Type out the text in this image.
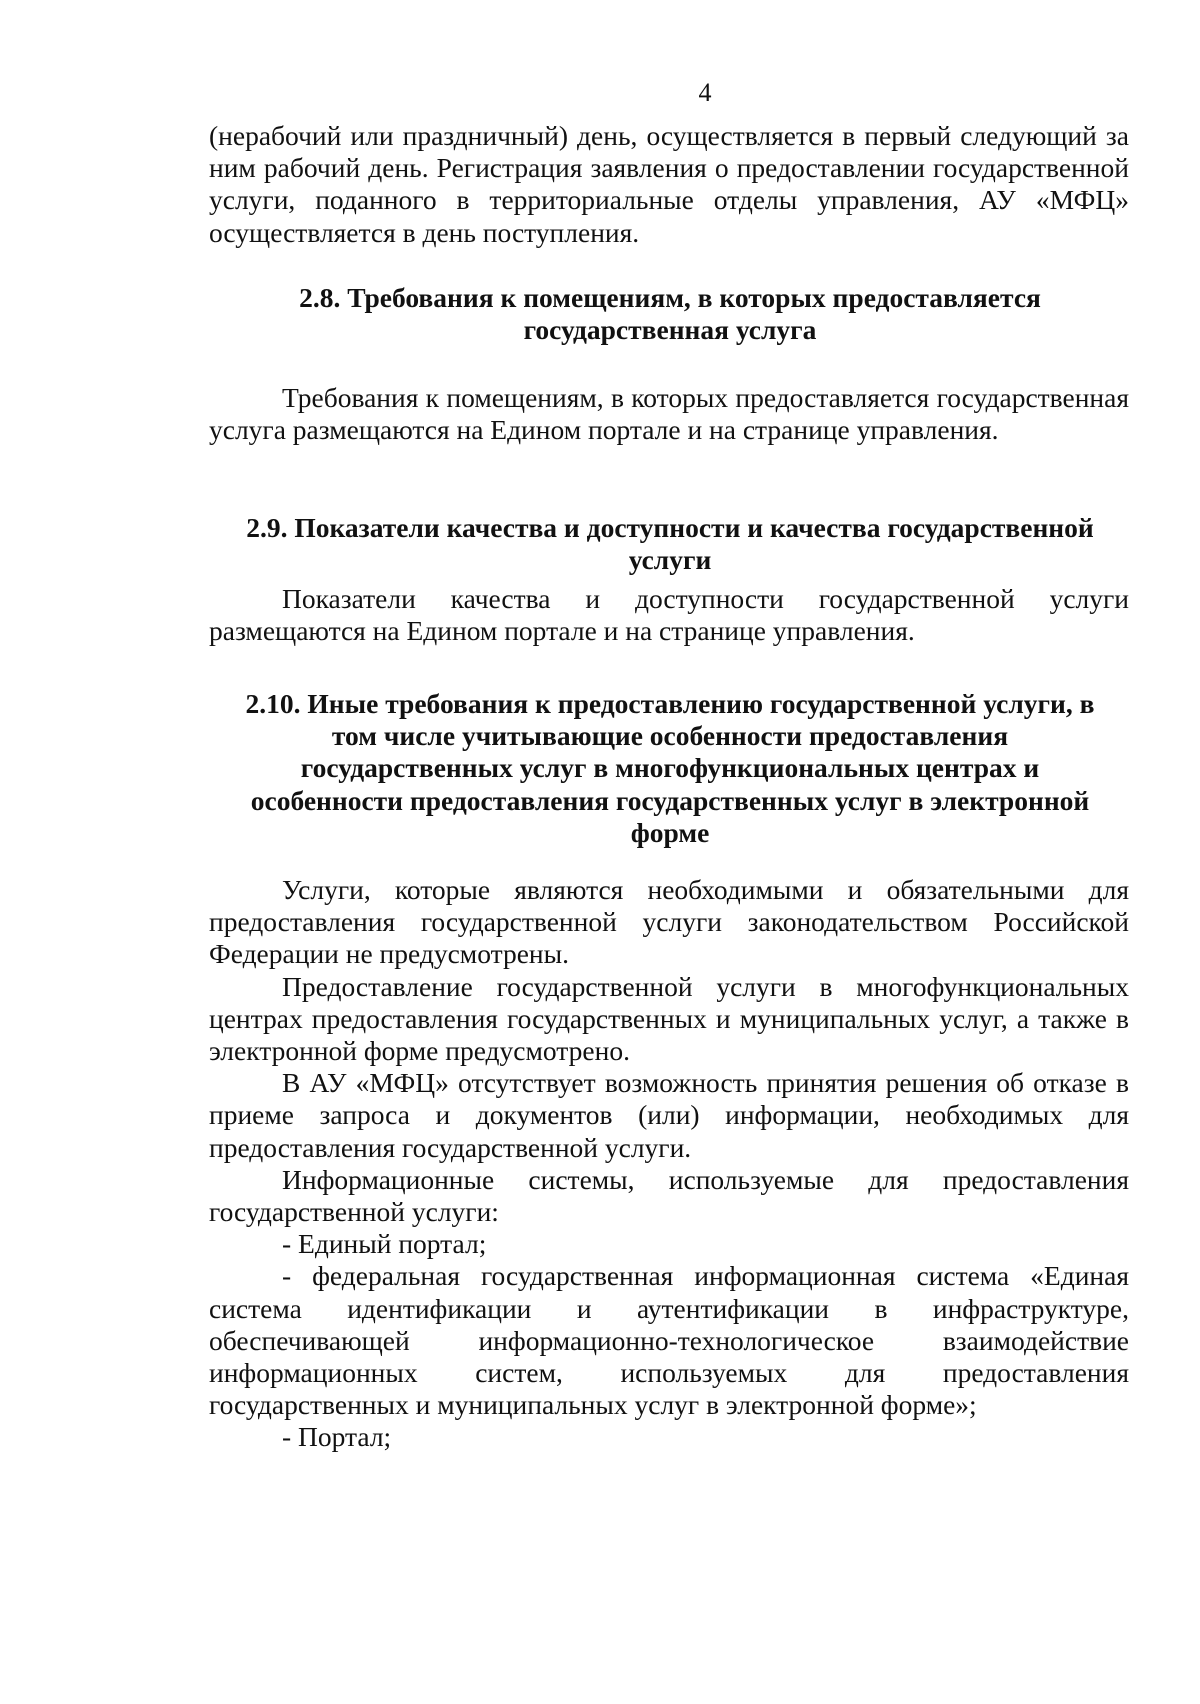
4

(нерабочий или праздничный) день, осуществляется в первый следующий за ним рабочий день. Регистрация заявления о предоставлении государственной услуги, поданного в территориальные отделы управления, АУ «МФЦ» осуществляется в день поступления.

2.8. Требования к помещениям, в которых предоставляется
государственная услуга

Требования к помещениям, в которых предоставляется государственная услуга размещаются на Едином портале и на странице управления.

2.9. Показатели качества и доступности и качества государственной
услуги

Показатели качества и доступности государственной услуги размещаются на Едином портале и на странице управления.

2.10. Иные требования к предоставлению государственной услуги, в
том числе учитывающие особенности предоставления
государственных услуг в многофункциональных центрах и
особенности предоставления государственных услуг в электронной
форме

Услуги, которые являются необходимыми и обязательными для предоставления государственной услуги законодательством Российской Федерации не предусмотрены.

Предоставление государственной услуги в многофункциональных центрах предоставления государственных и муниципальных услуг, а также в электронной форме предусмотрено.

В АУ «МФЦ» отсутствует возможность принятия решения об отказе в приеме запроса и документов (или) информации, необходимых для предоставления государственной услуги.

Информационные системы, используемые для предоставления государственной услуги:

- Единый портал;

- федеральная государственная информационная система «Единая система идентификации и аутентификации в инфраструктуре, обеспечивающей информационно-технологическое взаимодействие информационных систем, используемых для предоставления государственных и муниципальных услуг в электронной форме»;

- Портал;
